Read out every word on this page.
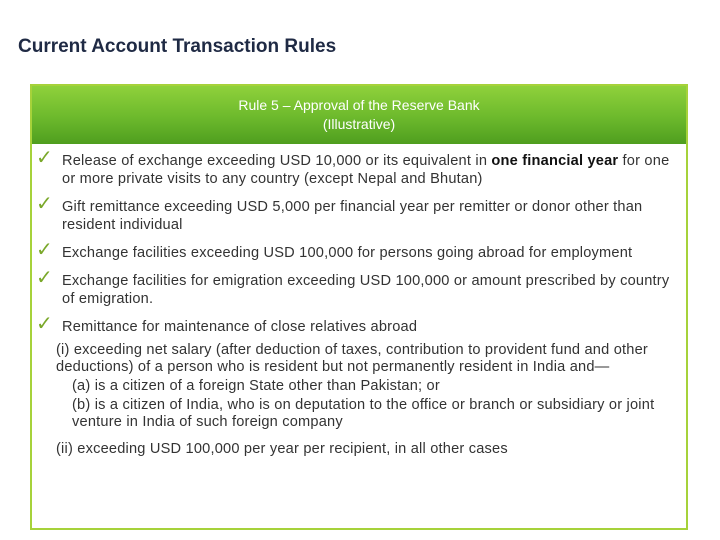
Current Account Transaction Rules
Rule 5 – Approval of the Reserve Bank
(Illustrative)
✓ Release of exchange exceeding USD 10,000 or its equivalent in one financial year for one or more private visits to any country (except Nepal and Bhutan)
✓ Gift remittance exceeding USD 5,000 per financial year per remitter or donor other than resident individual
✓ Exchange facilities exceeding USD 100,000 for persons going abroad for employment
✓ Exchange facilities for emigration exceeding USD 100,000 or amount prescribed by country of emigration.
✓ Remittance for maintenance of close relatives abroad
(i) exceeding net salary (after deduction of taxes, contribution to provident fund and other deductions) of a person who is resident but not permanently resident in India and—
(a) is a citizen of a foreign State other than Pakistan; or
(b) is a citizen of India, who is on deputation to the office or branch or subsidiary or joint venture in India of such foreign company
(ii) exceeding USD 100,000 per year per recipient, in all other cases
